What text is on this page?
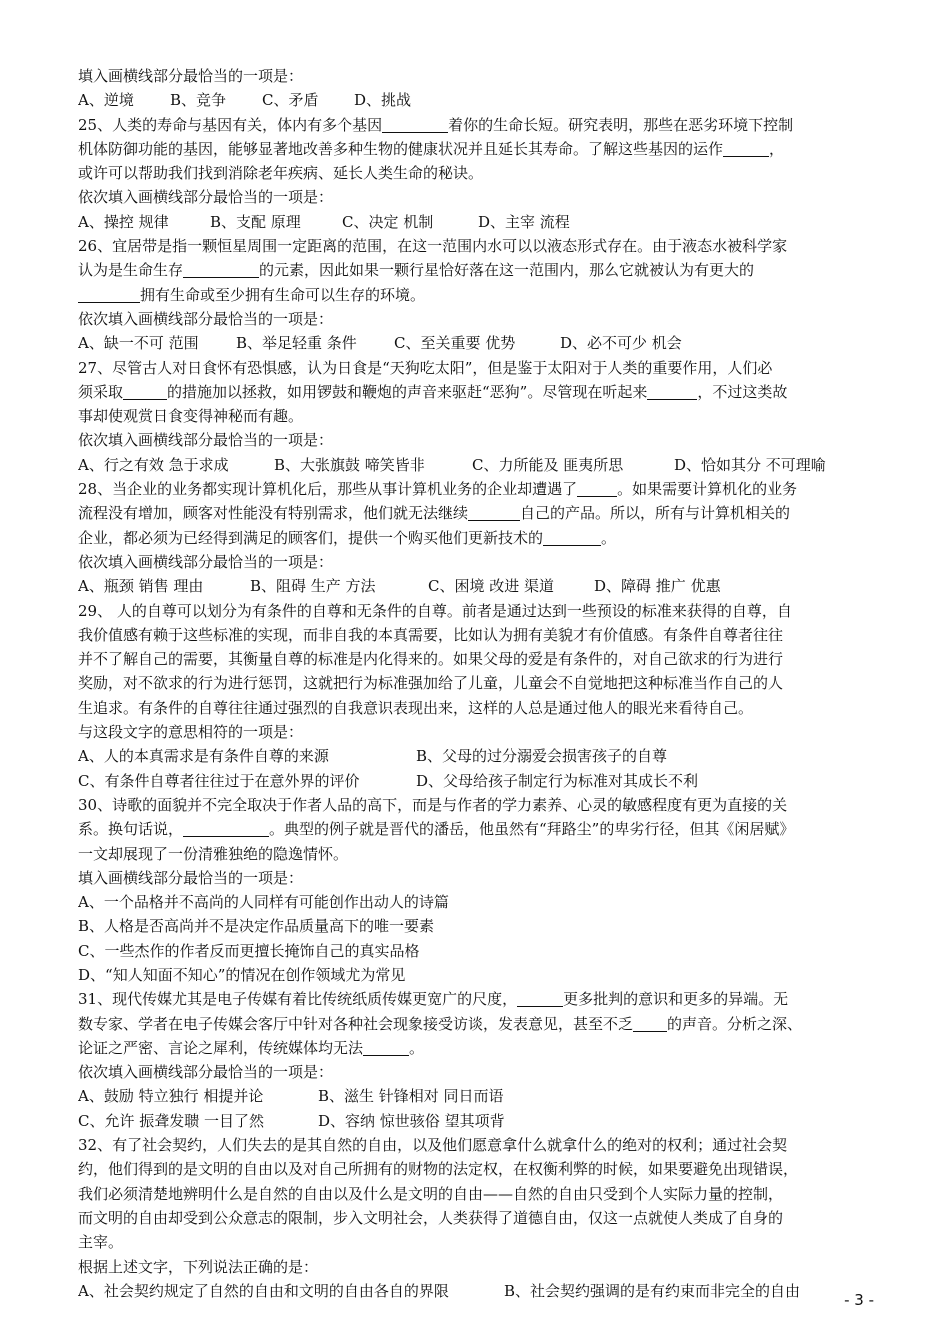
填入画横线部分最恰当的一项是：
A、逆境 B、竞争 C、矛盾 D、挑战
25、人类的寿命与基因有关，体内有多个基因	着你的生命长短。研究表明，那些在恶劣环境下控制
机体防御功能的基因，能够显著地改善多种生物的健康状况并且延长其寿命。了解这些基因的运作	，
或许可以帮助我们找到消除老年疾病、延长人类生命的秘诀。
依次填入画横线部分最恰当的一项是：
A、操控 规律	B、支配 原理	C、决定 机制	D、主宰 流程
26、宜居带是指一颗恒星周围一定距离的范围，在这一范围内水可以以液态形式存在。由于液态水被科学家
认为是生命生存	的元素，因此如果一颗行星恰好落在这一范围内，那么它就被认为有更大的
拥有生命或至少拥有生命可以生存的环境。
依次填入画横线部分最恰当的一项是：
A、缺一不可 范围 B、举足轻重 条件 C、至关重要 优势	D、必不可少 机会
27、尽管古人对日食怀有恐惧感，认为日食是“天狗吃太阳”，但是鉴于太阳对于人类的重要作用，人们必
须采取	的措施加以拯救，如用锣鼓和鞭炮的声音来驱赶“恶狗”。尽管现在听起来	，不过这类故
事却使观赏日食变得神秘而有趣。
依次填入画横线部分最恰当的一项是：
A、行之有效 急于求成	B、大张旗鼓 啼笑皆非	C、力所能及 匪夷所思	D、恰如其分 不可理喻
28、当企业的业务都实现计算机化后，那些从事计算机业务的企业却遭遇了	。如果需要计算机化的业务
流程没有增加，顾客对性能没有特别需求，他们就无法继续	自己的产品。所以，所有与计算机相关的
企业，都必须为已经得到满足的顾客们，提供一个购买他们更新技术的	。
依次填入画横线部分最恰当的一项是：
A、瓶颈 销售 理由	B、阻碍 生产 方法	C、困境 改进 渠道	D、障碍 推广 优惠
29、 人的自尊可以划分为有条件的自尊和无条件的自尊。前者是通过达到一些预设的标准来获得的自尊，自
我价值感有赖于这些标准的实现，而非自我的本真需要，比如认为拥有美貌才有价值感。有条件自尊者往往
并不了解自己的需要，其衡量自尊的标准是内化得来的。如果父母的爱是有条件的，对自己欲求的行为进行
奖励，对不欲求的行为进行惩罚，这就把行为标准强加给了儿童，儿童会不自觉地把这种标准当作自己的人
生追求。有条件的自尊往往通过强烈的自我意识表现出来，这样的人总是通过他人的眼光来看待自己。
与这段文字的意思相符的一项是：
A、人的本真需求是有条件自尊的来源	B、父母的过分溺爱会损害孩子的自尊
C、有条件自尊者往往过于在意外界的评价	D、父母给孩子制定行为标准对其成长不利
30、诗歌的面貌并不完全取决于作者人品的高下，而是与作者的学力素养、心灵的敏感程度有更为直接的关
系。换句话说，	。典型的例子就是晋代的潘岳，他虽然有“拜路尘”的卑劣行径，但其《闲居赋》
一文却展现了一份清雅独绝的隐逸情怀。
填入画横线部分最恰当的一项是：
A、一个品格并不高尚的人同样有可能创作出动人的诗篇
B、人格是否高尚并不是决定作品质量高下的唯一要素
C、一些杰作的作者反而更擅长掩饰自己的真实品格
D、“知人知面不知心”的情况在创作领域尤为常见
31、现代传媒尤其是电子传媒有着比传统纸质传媒更宽广的尺度，	更多批判的意识和更多的异端。无
数专家、学者在电子传媒会客厅中针对各种社会现象接受访谈，发表意见，甚至不乏 的声音。分析之深、
论证之严密、言论之犀利，传统媒体均无法	。
依次填入画横线部分最恰当的一项是：
A、鼓励 特立独行 相提并论	B、滋生 针锋相对 同日而语
C、允许 振聋发聩 一目了然	D、容纳 惊世骇俗 望其项背
32、有了社会契约，人们失去的是其自然的自由，以及他们愿意拿什么就拿什么的绝对的权利；通过社会契
约，他们得到的是文明的自由以及对自己所拥有的财物的法定权，在权衡利弊的时候，如果要避免出现错误，
我们必须清楚地辨明什么是自然的自由以及什么是文明的自由——自然的自由只受到个人实际力量的控制，
而文明的自由却受到公众意志的限制，步入文明社会，人类获得了道德自由，仅这一点就使人类成了自身的
主宰。
根据上述文字，下列说法正确的是：
A、社会契约规定了自然的自由和文明的自由各自的界限	B、社会契约强调的是有约束而非完全的自由
- 3 -
